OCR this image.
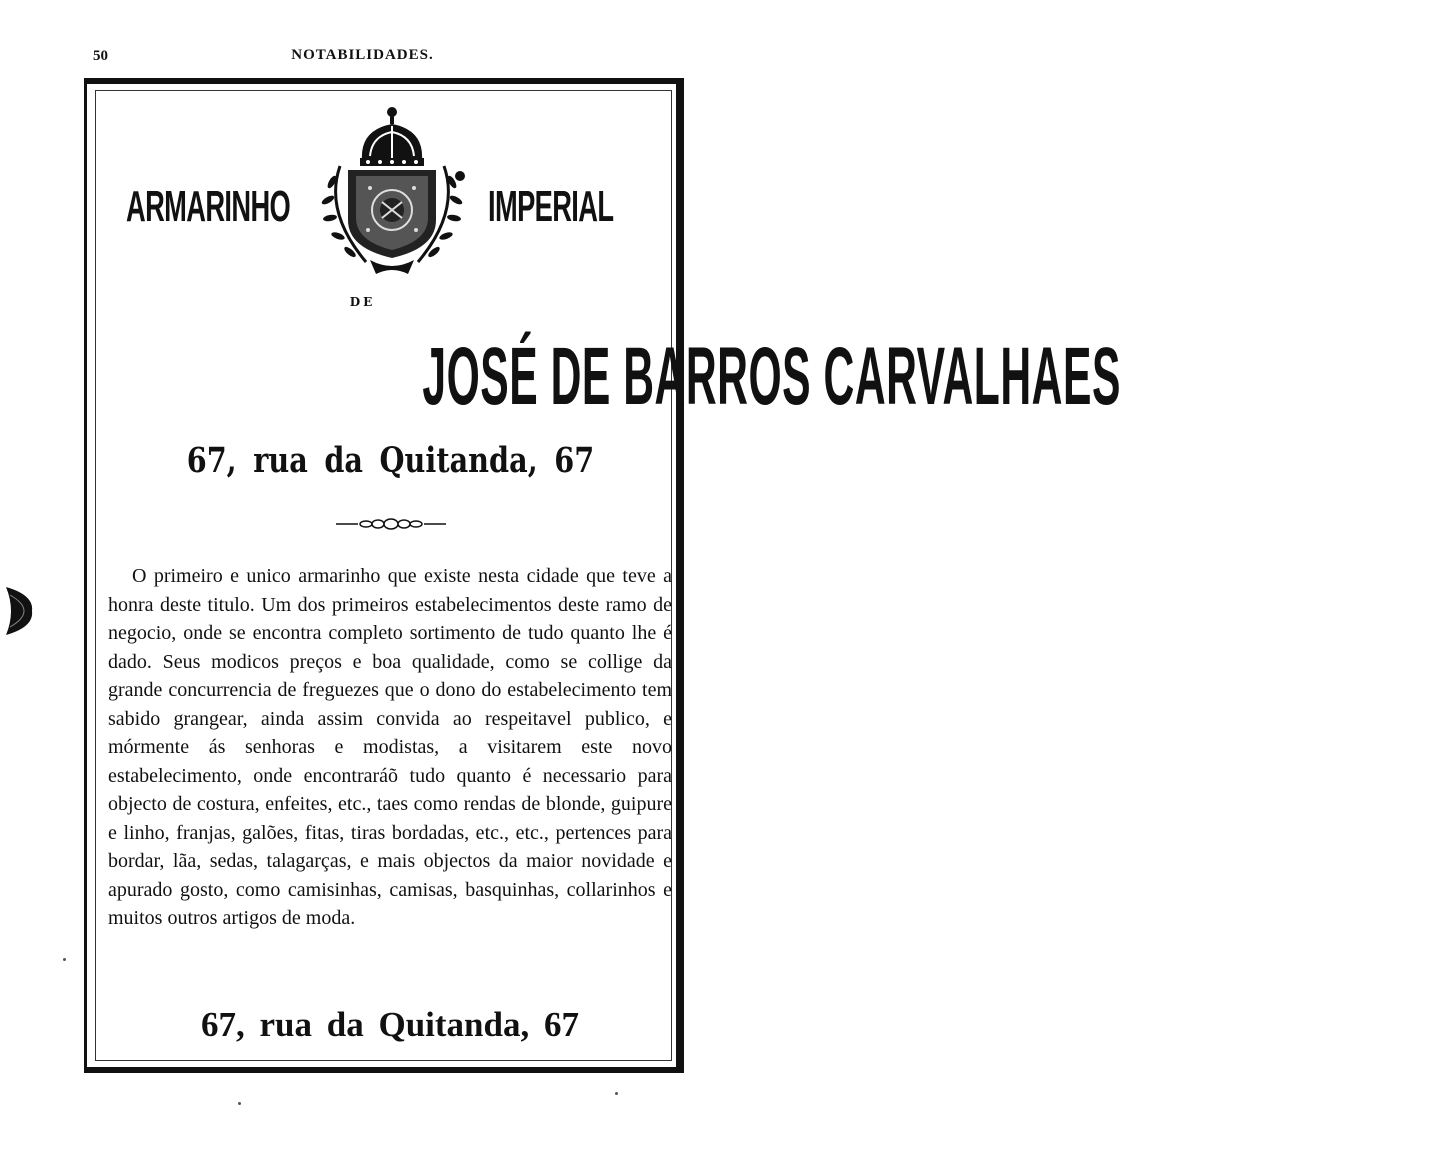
50	NOTABILIDADES.
ARMARINHO	IMPERIAL
DE
JOSÉ DE BARROS CARVALHAES
67, rua da Quitanda, 67

O primeiro e unico armarinho que existe nesta cidade que teve a honra deste titulo. Um dos primeiros estabelecimentos deste ramo de negocio, onde se encontra completo sortimento de tudo quanto lhe é dado. Seus modicos preços e boa qualidade, como se collige da grande concurrencia de freguezes que o dono do estabelecimento tem sabido grangear, ainda assim convida ao respeitavel publico, e mórmente ás senhoras e modistas, a visitarem este novo estabelecimento, onde encontraráõ tudo quanto é necessario para objecto de costura, enfeites, etc., taes como rendas de blonde, guipure e linho, franjas, galões, fitas, tiras bordadas, etc., etc., pertences para bordar, lãa, sedas, talagarças, e mais objectos da maior novidade e apurado gosto, como camisinhas, camisas, basquinhas, collarinhos e muitos outros artigos de moda.

67, rua da Quitanda, 67
